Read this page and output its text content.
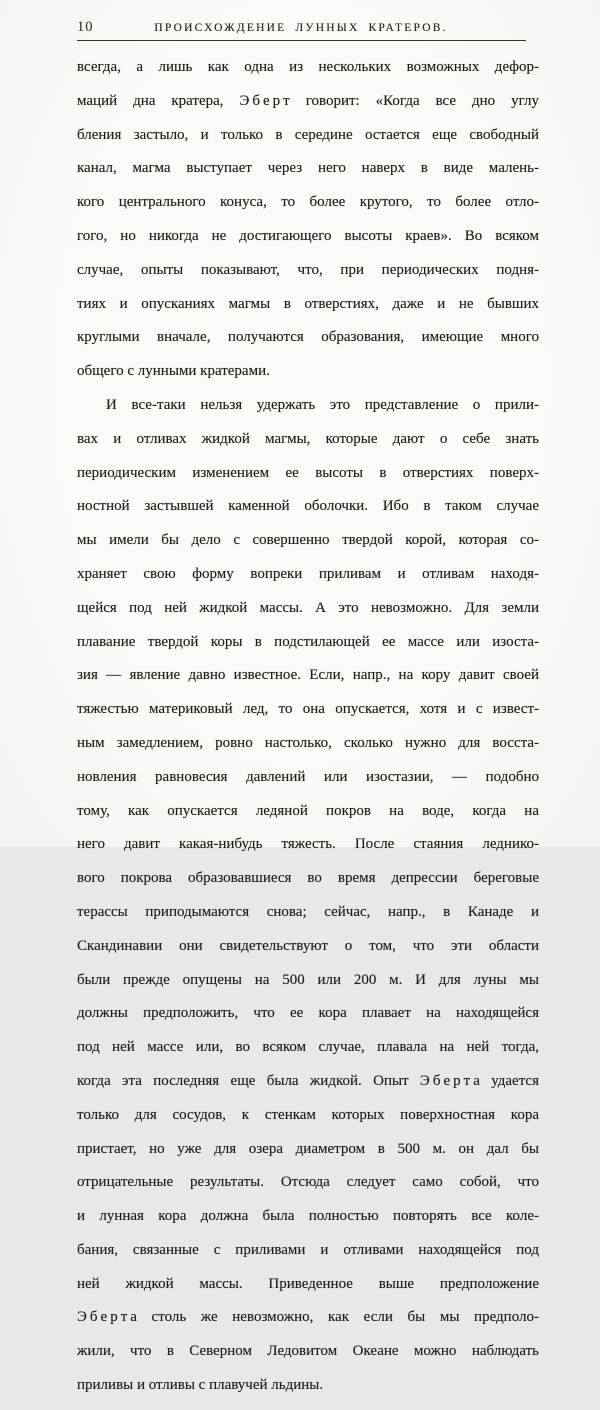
10	ПРОИСХОЖДЕНИЕ ЛУННЫХ КРАТЕРОВ.

всегда, а лишь как одна из нескольких возможных дефор-

маций дна кратера, Э б е р т говорит: «Когда все дно углу

бления застыло, и только в середине остается еще свободный

канал, магма выступает через него наверх в виде малень-

кого центрального конуса, то более крутого, то более отло-

гого, но никогда не достигающего высоты краев». Во всяком

случае, опыты показывают, что, при периодических подня-

тиях и опусканиях магмы в отверстиях, даже и не бывших

круглыми вначале, получаются образования, имеющие много

общего с лунными кратерами.

И все-таки нельзя удержать это представление о прили-

вах и отливах жидкой магмы, которые дают о себе знать

периодическим изменением ее высоты в отверстиях поверх-

ностной застывшей каменной оболочки. Ибо в таком случае

мы имели бы дело с совершенно твердой корой, которая со-

храняет свою форму вопреки приливам и отливам находя-

щейся под ней жидкой массы. А это невозможно. Для земли

плавание твердой коры в подстилающей ее массе или изоста-

зия — явление давно известное. Если, напр., на кору давит своей

тяжестью материковый лед, то она опускается, хотя и с извест-

ным замедлением, ровно настолько, сколько нужно для восста-

новления равновесия давлений или изостазии, — подобно

тому, как опускается ледяной покров на воде, когда на

него давит какая-нибудь тяжесть. После стаяния леднико-

вого покрова образовавшиеся во время депрессии береговые

терассы приподымаются снова; сейчас, напр., в Канаде и

Скандинавии они свидетельствуют о том, что эти области

были прежде опущены на 500 или 200 м. И для луны мы

должны предположить, что ее кора плавает на находящейся

под ней массе или, во всяком случае, плавала на ней тогда,

когда эта последняя еще была жидкой. Опыт Э б е р т а удается

только для сосудов, к стенкам которых поверхностная кора

пристает, но уже для озера диаметром в 500 м. он дал бы

отрицательные результаты. Отсюда следует само собой, что

и лунная кора должна была полностью повторять все коле-

бания, связанные с приливами и отливами находящейся под

ней жидкой массы. Приведенное выше предположение

Э б е р т а столь же невозможно, как если бы мы предполо-

жили, что в Северном Ледовитом Океане можно наблюдать

приливы и отливы с плавучей льдины.
